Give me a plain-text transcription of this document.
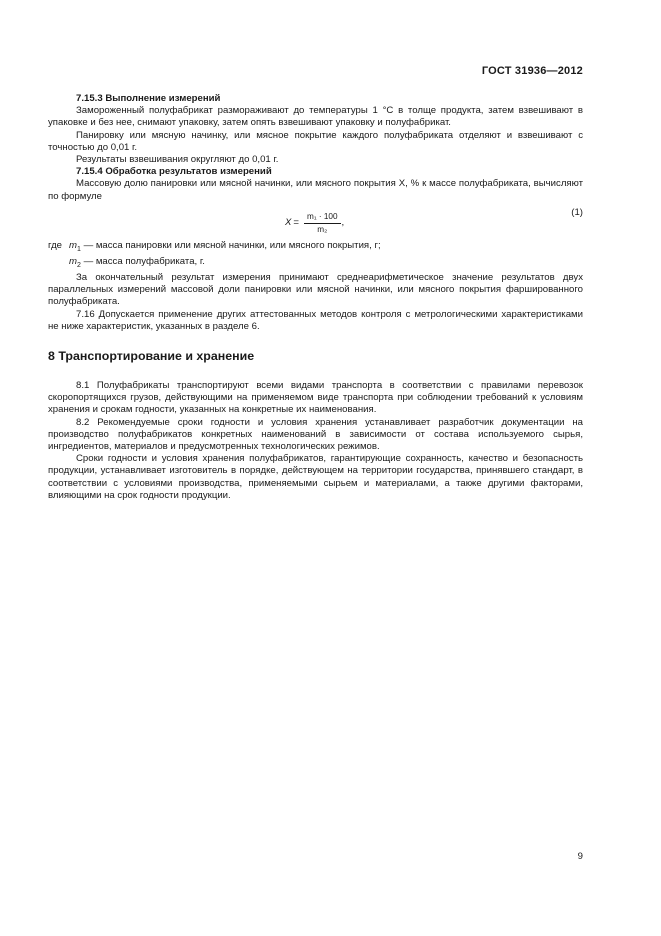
ГОСТ 31936—2012

7.15.3 Выполнение измерений

Замороженный полуфабрикат размораживают до температуры 1 °С в толще продукта, затем взвешивают в упаковке и без нее, снимают упаковку, затем опять взвешивают упаковку и полуфабрикат.

Панировку или мясную начинку, или мясное покрытие каждого полуфабриката отделяют и взвешивают с точностью до 0,01 г.

Результаты взвешивания округляют до 0,01 г.

7.15.4 Обработка результатов измерений

Массовую долю панировки или мясной начинки, или мясного покрытия X, % к массе полуфабриката, вычисляют по формуле

$X = \frac{\text{m₁ · 100}}{\text{m₂}}$ ,
(1)
где $m_1$ — масса панировки или мясной начинки, или мясного покрытия, г;
$m_2$ — масса полуфабриката, г.

За окончательный результат измерения принимают среднеарифметическое значение результатов двух параллельных измерений массовой доли панировки или мясной начинки, или мясного покрытия фаршированного полуфабриката.

7.16 Допускается применение других аттестованных методов контроля с метрологическими характеристиками не ниже характеристик, указанных в разделе 6.

8 Транспортирование и хранение

8.1 Полуфабрикаты транспортируют всеми видами транспорта в соответствии с правилами перевозок скоропортящихся грузов, действующими на применяемом виде транспорта при соблюдении требований к условиям хранения и срокам годности, указанных на конкретные их наименования.

8.2 Рекомендуемые сроки годности и условия хранения устанавливает разработчик документации на производство полуфабрикатов конкретных наименований в зависимости от состава используемого сырья, ингредиентов, материалов и предусмотренных технологических режимов.

Сроки годности и условия хранения полуфабрикатов, гарантирующие сохранность, качество и безопасность продукции, устанавливает изготовитель в порядке, действующем на территории государства, принявшего стандарт, в соответствии с условиями производства, применяемыми сырьем и материалами, а также другими факторами, влияющими на срок годности продукции.

9
